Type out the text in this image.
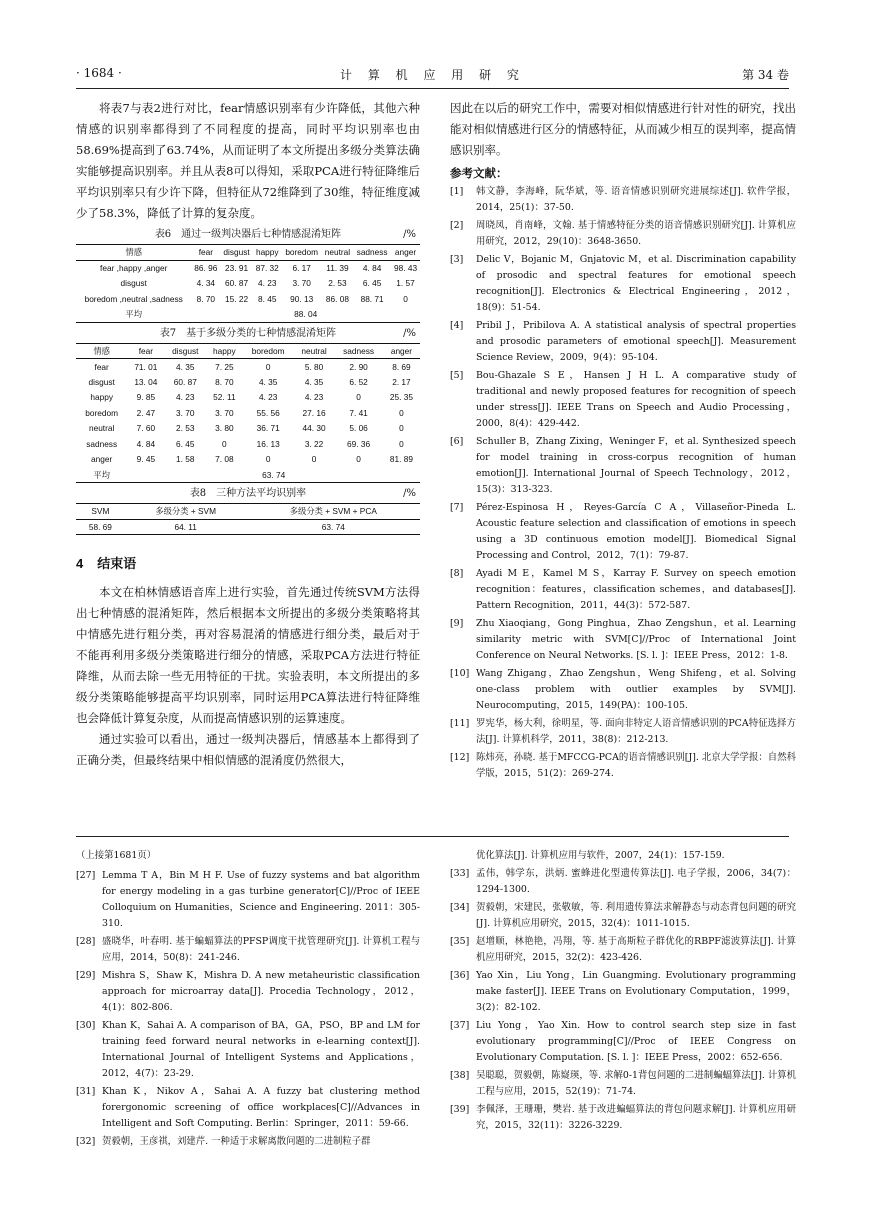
· 1684 ·	计 算 机 应 用 研 究	第 34 卷

将表7与表2进行对比，fear情感识别率有少许降低，其他六种情感的识别率都得到了不同程度的提高，同时平均识别率也由58.69%提高到了63.74%，从而证明了本文所提出多级分类算法确实能够提高识别率。并且从表8可以得知，采取PCA进行特征降维后平均识别率只有少许下降，但特征从72维降到了30维，特征维度减少了58.3%，降低了计算的复杂度。

表6　通过一级判决器后七种情感混淆矩阵	/%
情感	fear	disgust	happy	boredom	neutral	sadness	anger
fear ,happy ,anger	86. 96	23. 91	87. 32	6. 17	11. 39	4. 84	98. 43
disgust	4. 34	60. 87	4. 23	3. 70	2. 53	6. 45	1. 57
boredom ,neutral ,sadness	8. 70	15. 22	8. 45	90. 13	86. 08	88. 71	0
平均	88. 04						
表7　基于多级分类的七种情感混淆矩阵	/%
情感	fear	disgust	happy	boredom	neutral	sadness	anger
fear	71. 01	4. 35	7. 25	0	5. 80	2. 90	8. 69
disgust	13. 04	60. 87	8. 70	4. 35	4. 35	6. 52	2. 17
happy	9. 85	4. 23	52. 11	4. 23	4. 23	0	25. 35
boredom	2. 47	3. 70	3. 70	55. 56	27. 16	7. 41	0
neutral	7. 60	2. 53	3. 80	36. 71	44. 30	5. 06	0
sadness	4. 84	6. 45	0	16. 13	3. 22	69. 36	0
anger	9. 45	1. 58	7. 08	0	0	0	81. 89
平均	63. 74						
表8　三种方法平均识别率	/%
SVM	多级分类 + SVM	多级分类 + SVM + PCA
58. 69	64. 11	63. 74
4 结束语

本文在柏林情感语音库上进行实验，首先通过传统SVM方法得出七种情感的混淆矩阵，然后根据本文所提出的多级分类策略将其中情感先进行粗分类，再对容易混淆的情感进行细分类，最后对于不能再利用多级分类策略进行细分的情感，采取PCA方法进行特征降维，从而去除一些无用特征的干扰。实验表明，本文所提出的多级分类策略能够提高平均识别率，同时运用PCA算法进行特征降维也会降低计算复杂度，从而提高情感识别的运算速度。

通过实验可以看出，通过一级判决器后，情感基本上都得到了正确分类，但最终结果中相似情感的混淆度仍然很大，

因此在以后的研究工作中，需要对相似情感进行针对性的研究，找出能对相似情感进行区分的情感特征，从而减少相互的误判率，提高情感识别率。

参考文献：
[1] 韩文静，李海峰，阮华斌，等. 语音情感识别研究进展综述[J]. 软件学报，2014，25(1)：37-50.
[2] 周晓凤，肖南峰，文翰. 基于情感特征分类的语音情感识别研究[J]. 计算机应用研究，2012，29(10)：3648-3650.
[3] Delic V，Bojanic M，Gnjatovic M，et al. Discrimination capability of prosodic and spectral features for emotional speech recognition[J]. Electronics & Electrical Engineering，2012，18(9)：51-54.
[4] Pribil J，Pribilova A. A statistical analysis of spectral properties and prosodic parameters of emotional speech[J]. Measurement Science Review，2009，9(4)：95-104.
[5] Bou-Ghazale S E，Hansen J H L. A comparative study of traditional and newly proposed features for recognition of speech under stress[J]. IEEE Trans on Speech and Audio Processing，2000，8(4)：429-442.
[6] Schuller B，Zhang Zixing，Weninger F，et al. Synthesized speech for model training in cross-corpus recognition of human emotion[J]. International Journal of Speech Technology，2012，15(3)：313-323.
[7] Pérez-Espinosa H，Reyes-García C A，Villaseñor-Pineda L. Acoustic feature selection and classification of emotions in speech using a 3D continuous emotion model[J]. Biomedical Signal Processing and Control，2012，7(1)：79-87.
[8] Ayadi M E，Kamel M S，Karray F. Survey on speech emotion recognition：features，classification schemes，and databases[J]. Pattern Recognition，2011，44(3)：572-587.
[9] Zhu Xiaoqiang，Gong Pinghua，Zhao Zengshun，et al. Learning similarity metric with SVM[C]//Proc of International Joint Conference on Neural Networks. [S. l. ]：IEEE Press，2012：1-8.
[10] Wang Zhigang，Zhao Zengshun，Weng Shifeng，et al. Solving one-class problem with outlier examples by SVM[J]. Neurocomputing，2015，149(PA)：100-105.
[11] 罗宪华，杨大利，徐明星，等. 面向非特定人语音情感识别的PCA特征选择方法[J]. 计算机科学，2011，38(8)：212-213.
[12] 陈炜亮，孙晓. 基于MFCCG-PCA的语音情感识别[J]. 北京大学学报：自然科学版，2015，51(2)：269-274.
（上接第1681页）
[27] Lemma T A，Bin M H F. Use of fuzzy systems and bat algorithm for energy modeling in a gas turbine generator[C]//Proc of IEEE Colloquium on Humanities，Science and Engineering. 2011：305-310.
[28] 盛晓华，叶春明. 基于蝙蝠算法的PFSP调度干扰管理研究[J]. 计算机工程与应用，2014，50(8)：241-246.
[29] Mishra S，Shaw K，Mishra D. A new metaheuristic classification approach for microarray data[J]. Procedia Technology，2012，4(1)：802-806.
[30] Khan K，Sahai A. A comparison of BA，GA，PSO，BP and LM for training feed forward neural networks in e-learning context[J]. International Journal of Intelligent Systems and Applications，2012，4(7)：23-29.
[31] Khan K，Nikov A，Sahai A. A fuzzy bat clustering method forergonomic screening of office workplaces[C]//Advances in Intelligent and Soft Computing. Berlin：Springer，2011：59-66.
[32] 贺毅朝，王彦祺，刘建芹. 一种适于求解离散问题的二进制粒子群
优化算法[J]. 计算机应用与软件，2007，24(1)：157-159.
[33] 孟伟，韩学东，洪炳. 蜜蜂进化型遗传算法[J]. 电子学报，2006，34(7)：1294-1300.
[34] 贺毅朝，宋建民，张敬敏，等. 利用遗传算法求解静态与动态背包问题的研究[J]. 计算机应用研究，2015，32(4)：1011-1015.
[35] 赵增顺，林艳艳，冯翔，等. 基于高斯粒子群优化的RBPF滤波算法[J]. 计算机应用研究，2015，32(2)：423-426.
[36] Yao Xin，Liu Yong，Lin Guangming. Evolutionary programming make faster[J]. IEEE Trans on Evolutionary Computation，1999，3(2)：82-102.
[37] Liu Yong，Yao Xin. How to control search step size in fast evolutionary programming[C]//Proc of IEEE Congress on Evolutionary Computation. [S. l. ]：IEEE Press，2002：652-656.
[38] 吴聪聪，贺毅朝，陈嶷瑛，等. 求解0-1背包问题的二进制蝙蝠算法[J]. 计算机工程与应用，2015，52(19)：71-74.
[39] 李佩泽，王珊珊，樊岩. 基于改进蝙蝠算法的背包问题求解[J]. 计算机应用研究，2015，32(11)：3226-3229.
